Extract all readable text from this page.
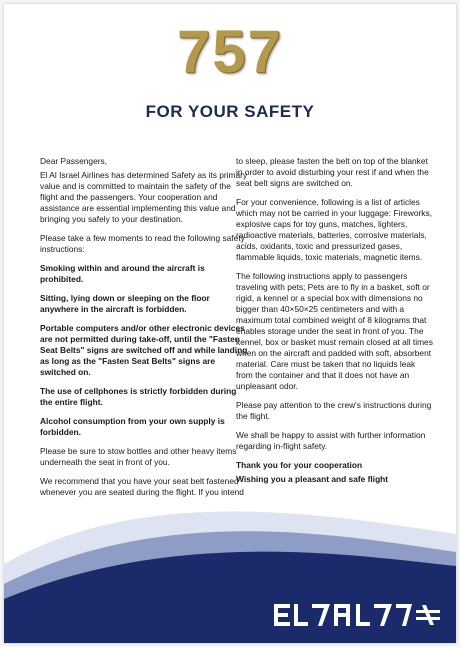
757
FOR YOUR SAFETY

Dear Passengers,

El Al Israel Airlines has determined Safety as its primary value and is committed to maintain the safety of the flight and the passengers. Your cooperation and assistance are essential implementing this value and bringing you safely to your destination.

Please take a few moments to read the following safety instructions:

Smoking within and around the aircraft is prohibited.

Sitting, lying down or sleeping on the floor anywhere in the aircraft is forbidden.

Portable computers and/or other electronic devices are not permitted during take-off, until the "Fasten Seat Belts" signs are switched off and while landing as long as the "Fasten Seat Belts" signs are switched on.

The use of cellphones is strictly forbidden during the entire flight.

Alcohol consumption from your own supply is forbidden.

Please be sure to stow bottles and other heavy items underneath the seat in front of you.

We recommend that you have your seat belt fastened whenever you are seated during the flight. If you intend

to sleep, please fasten the belt on top of the blanket in order to avoid disturbing your rest if and when the seat belt signs are switched on.

For your convenience, following is a list of articles which may not be carried in your luggage: Fireworks, explosive caps for toy guns, matches, lighters, radioactive materials, batteries, corrosive materials, acids, oxidants, toxic and pressurized gases, flammable liquids, toxic materials, magnetic items.

The following instructions apply to passengers traveling with pets; Pets are to fly in a basket, soft or rigid, a kennel or a special box with dimensions no bigger than 40×50×25 centimeters and with a maximum total combined weight of 8 kilograms that enables storage under the seat in front of you. The kennel, box or basket must remain closed at all times when on the aircraft and padded with soft, absorbent material. Care must be taken that no liquids leak from the container and that it does not have an unpleasant odor.

Please pay attention to the crew's instructions during the flight.

We shall be happy to assist with further information regarding in-flight safety.

Thank you for your cooperation

Wishing you a pleasant and safe flight
